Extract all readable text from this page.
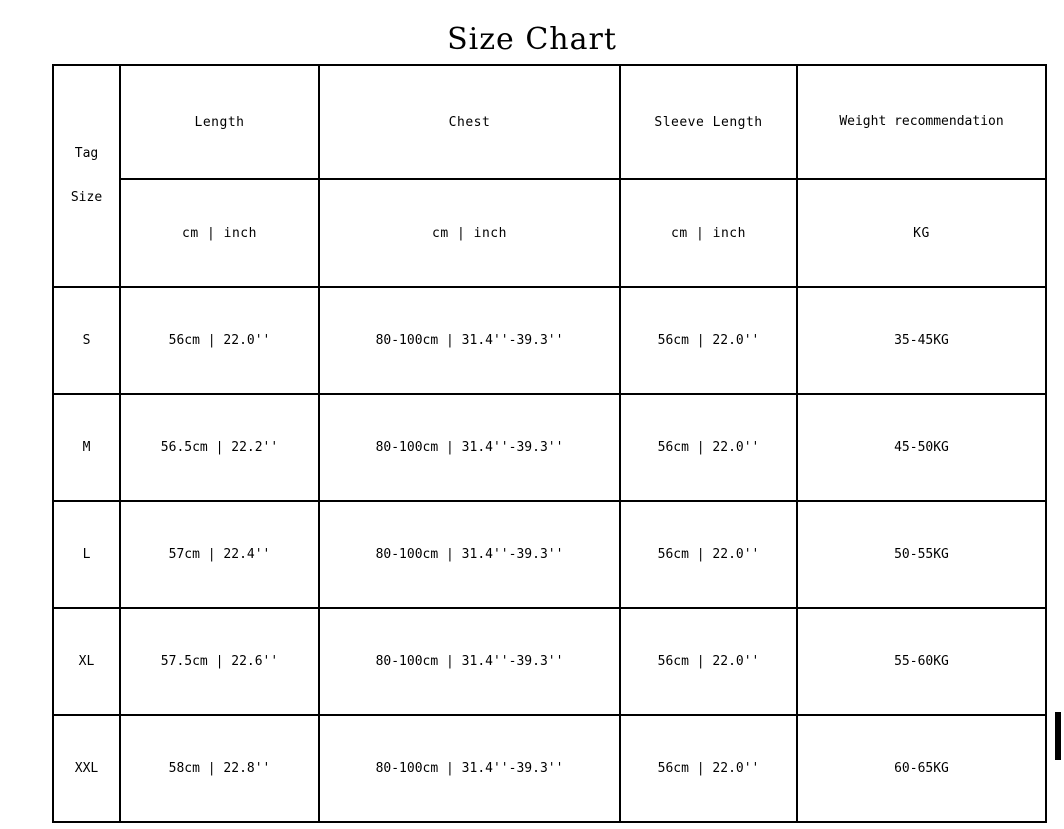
Size Chart
Tag
Size	Length	Chest	Sleeve Length	Weight recommendation
	cm | inch	cm | inch	cm | inch	KG
S	56cm | 22.0''	80-100cm | 31.4''-39.3''	56cm | 22.0''	35-45KG
M	56.5cm | 22.2''	80-100cm | 31.4''-39.3''	56cm | 22.0''	45-50KG
L	57cm | 22.4''	80-100cm | 31.4''-39.3''	56cm | 22.0''	50-55KG
XL	57.5cm | 22.6''	80-100cm | 31.4''-39.3''	56cm | 22.0''	55-60KG
XXL	58cm | 22.8''	80-100cm | 31.4''-39.3''	56cm | 22.0''	60-65KG
